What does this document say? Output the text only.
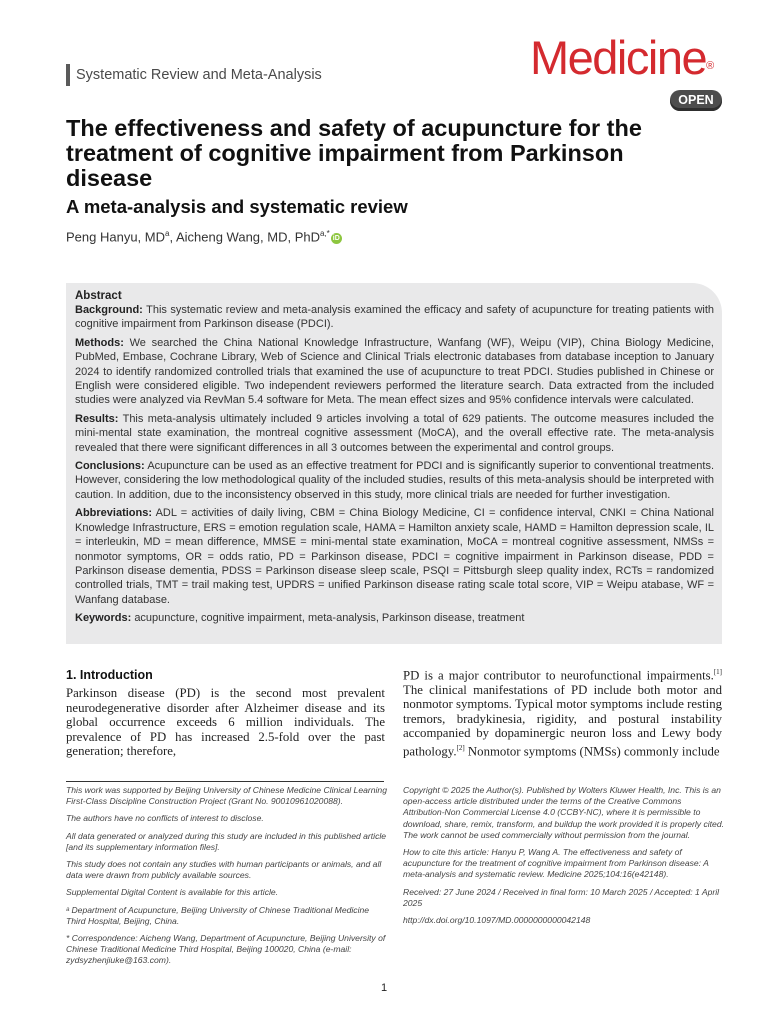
Systematic Review and Meta-Analysis	Medicine®
OPEN
The effectiveness and safety of acupuncture for the treatment of cognitive impairment from Parkinson disease
A meta-analysis and systematic review
Peng Hanyu, $MD^a$, Aicheng Wang, MD, PhD$^{a,*}$iD
Abstract

Background: This systematic review and meta-analysis examined the efficacy and safety of acupuncture for treating patients with cognitive impairment from Parkinson disease (PDCI).

Methods: We searched the China National Knowledge Infrastructure, Wanfang (WF), Weipu (VIP), China Biology Medicine, PubMed, Embase, Cochrane Library, Web of Science and Clinical Trials electronic databases from database inception to January 2024 to identify randomized controlled trials that examined the use of acupuncture to treat PDCI. Studies published in Chinese or English were considered eligible. Two independent reviewers performed the literature search. Data extracted from the included studies were analyzed via RevMan 5.4 software for Meta. The mean effect sizes and 95% confidence intervals were calculated.

Results: This meta-analysis ultimately included 9 articles involving a total of 629 patients. The outcome measures included the mini-mental state examination, the montreal cognitive assessment (MoCA), and the overall effective rate. The meta-analysis revealed that there were significant differences in all 3 outcomes between the experimental and control groups.

Conclusions: Acupuncture can be used as an effective treatment for PDCI and is significantly superior to conventional treatments. However, considering the low methodological quality of the included studies, results of this meta-analysis should be interpreted with caution. In addition, due to the inconsistency observed in this study, more clinical trials are needed for further investigation.

Abbreviations: ADL = activities of daily living, CBM = China Biology Medicine, CI = confidence interval, CNKI = China National Knowledge Infrastructure, ERS = emotion regulation scale, HAMA = Hamilton anxiety scale, HAMD = Hamilton depression scale, IL = interleukin, MD = mean difference, MMSE = mini-mental state examination, MoCA = montreal cognitive assessment, NMSs = nonmotor symptoms, OR = odds ratio, PD = Parkinson disease, PDCI = cognitive impairment in Parkinson disease, PDD = Parkinson disease dementia, PDSS = Parkinson disease sleep scale, PSQI = Pittsburgh sleep quality index, RCTs = randomized controlled trials, TMT = trail making test, UPDRS = unified Parkinson disease rating scale total score, VIP = Weipu atabase, WF = Wanfang database.

Keywords: acupuncture, cognitive impairment, meta-analysis, Parkinson disease, treatment

1. Introduction
Parkinson disease (PD) is the second most prevalent neurodegenerative disorder after Alzheimer disease and its global occurrence exceeds 6 million individuals. The prevalence of PD has increased 2.5-fold over the past generation; therefore,
PD is a major contributor to neurofunctional impairments.[1] The clinical manifestations of PD include both motor and nonmotor symptoms. Typical motor symptoms include resting tremors, bradykinesia, rigidity, and postural instability accompanied by dopaminergic neuron loss and Lewy body pathology.[2] Nonmotor symptoms (NMSs) commonly include

This work was supported by Beijing University of Chinese Medicine Clinical Learning First-Class Discipline Construction Project (Grant No. 90010961020088).

The authors have no conflicts of interest to disclose.

All data generated or analyzed during this study are included in this published article [and its supplementary information files].

This study does not contain any studies with human participants or animals, and all data were drawn from publicly available sources.

Supplemental Digital Content is available for this article.

ᵃ Department of Acupuncture, Beijing University of Chinese Traditional Medicine Third Hospital, Beijing, China.

* Correspondence: Aicheng Wang, Department of Acupuncture, Beijing University of Chinese Traditional Medicine Third Hospital, Beijing 100020, China (e-mail: zydsyzhenjiuke@163.com).

Copyright © 2025 the Author(s). Published by Wolters Kluwer Health, Inc. This is an open-access article distributed under the terms of the Creative Commons Attribution-Non Commercial License 4.0 (CCBY-NC), where it is permissible to download, share, remix, transform, and buildup the work provided it is properly cited. The work cannot be used commercially without permission from the journal.

How to cite this article: Hanyu P, Wang A. The effectiveness and safety of acupuncture for the treatment of cognitive impairment from Parkinson disease: A meta-analysis and systematic review. Medicine 2025;104:16(e42148).

Received: 27 June 2024 / Received in final form: 10 March 2025 / Accepted: 1 April 2025

http://dx.doi.org/10.1097/MD.0000000000042148

1
